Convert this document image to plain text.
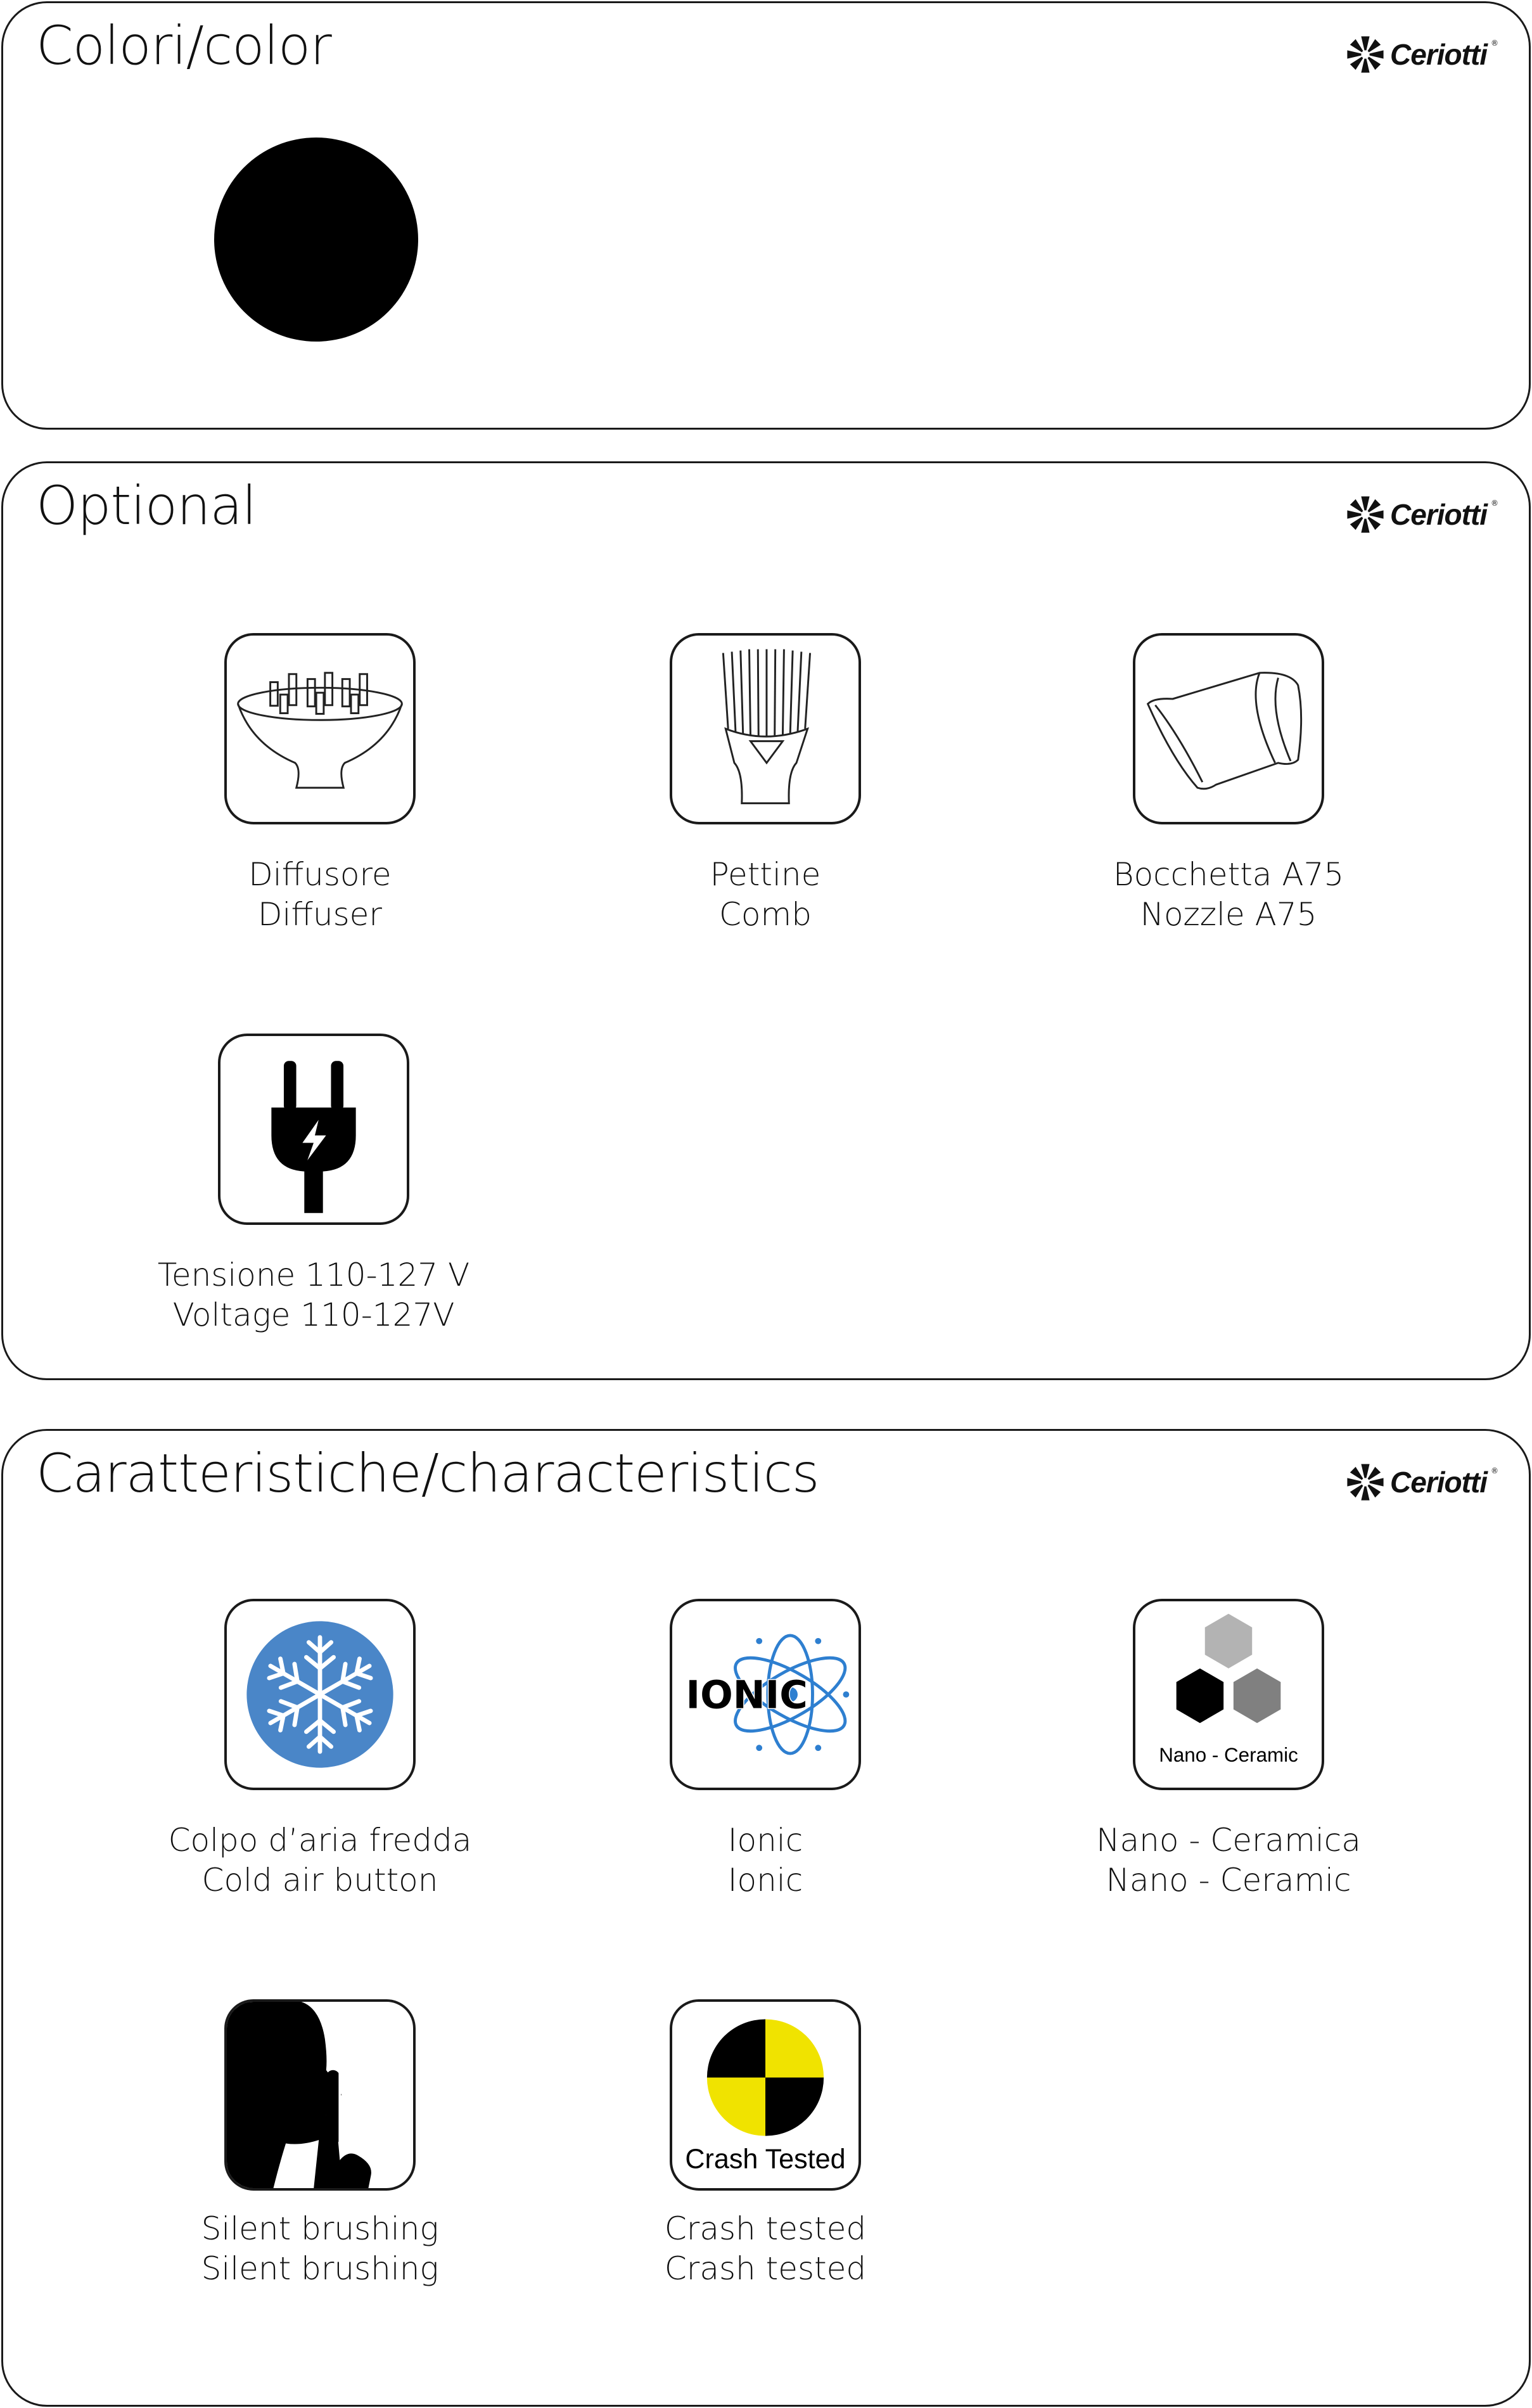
Colori/color	Ceriotti ®
Optional	Ceriotti ®
Diffusore
Diffuser
Pettine
Comb
Bocchetta A75
Nozzle A75
Tensione 110-127 V
Voltage 110-127V
Caratteristiche/characteristics	Ceriotti ®
Colpo d’aria fredda
Cold air button
IONIC
Ionic
Ionic
Nano - Ceramic
Nano - Ceramica
Nano - Ceramic
Silent brushing
Silent brushing
Crash Tested
Crash tested
Crash tested
